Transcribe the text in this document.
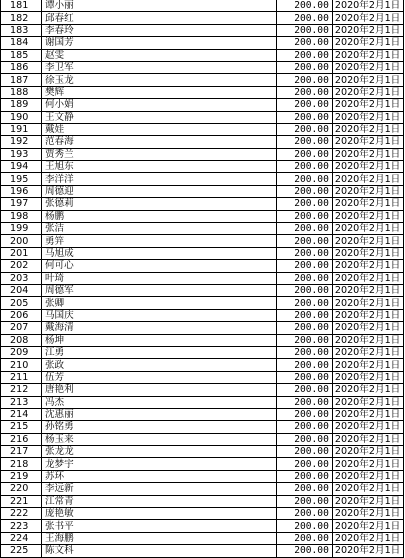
181	谭小丽	200.00	2020年2月1日
182	邱春红	200.00	2020年2月1日
183	李春玲	200.00	2020年2月1日
184	谢国芳	200.00	2020年2月1日
185	赵雯	200.00	2020年2月1日
186	李卫军	200.00	2020年2月1日
187	徐玉龙	200.00	2020年2月1日
188	樊辉	200.00	2020年2月1日
189	何小娟	200.00	2020年2月1日
190	王文静	200.00	2020年2月1日
191	戴娃	200.00	2020年2月1日
192	范春海	200.00	2020年2月1日
193	贾秀兰	200.00	2020年2月1日
194	王旭东	200.00	2020年2月1日
195	李洋洋	200.00	2020年2月1日
196	周德迎	200.00	2020年2月1日
197	张德莉	200.00	2020年2月1日
198	杨鹏	200.00	2020年2月1日
199	张洁	200.00	2020年2月1日
200	勇笄	200.00	2020年2月1日
201	马旭成	200.00	2020年2月1日
202	何可心	200.00	2020年2月1日
203	叶琦	200.00	2020年2月1日
204	周德军	200.00	2020年2月1日
205	张卿	200.00	2020年2月1日
206	马国庆	200.00	2020年2月1日
207	戴海清	200.00	2020年2月1日
208	杨坤	200.00	2020年2月1日
209	江勇	200.00	2020年2月1日
210	张政	200.00	2020年2月1日
211	伍芳	200.00	2020年2月1日
212	唐艳利	200.00	2020年2月1日
213	冯杰	200.00	2020年2月1日
214	沈惠丽	200.00	2020年2月1日
215	孙铭勇	200.00	2020年2月1日
216	杨玉来	200.00	2020年2月1日
217	张龙龙	200.00	2020年2月1日
218	龙梦宇	200.00	2020年2月1日
219	苏环	200.00	2020年2月1日
220	李远新	200.00	2020年2月1日
221	江常青	200.00	2020年2月1日
222	庞艳敏	200.00	2020年2月1日
223	张书平	200.00	2020年2月1日
224	王海鹏	200.00	2020年2月1日
225	陈文科	200.00	2020年2月1日
